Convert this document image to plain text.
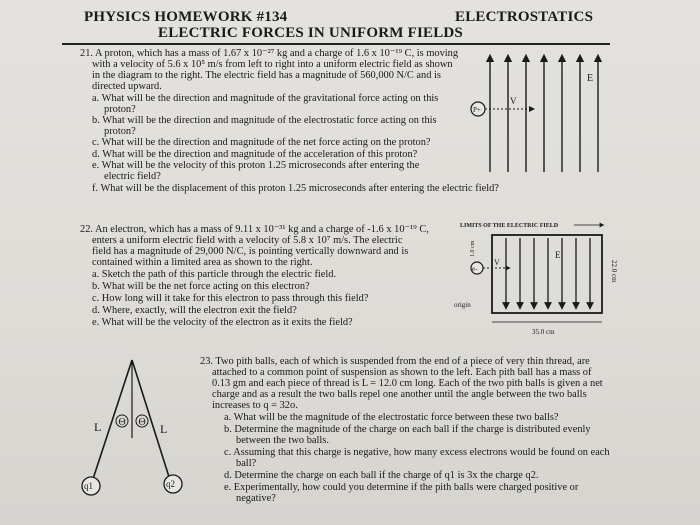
PHYSICS HOMEWORK #134	ELECTROSTATICS
ELECTRIC FORCES IN UNIFORM FIELDS
21. A proton, which has a mass of 1.67 x 10⁻²⁷ kg and a charge of 1.6 x 10⁻¹⁹ C, is moving
with a velocity of 5.6 x 10⁵ m/s from left to right into a uniform electric field as shown
in the diagram to the right. The electric field has a magnitude of 560,000 N/C and is
directed upward.
a. What will be the direction and magnitude of the gravitational force acting on this
proton?
b. What will be the direction and magnitude of the electrostatic force acting on this
proton?
c. What will be the direction and magnitude of the net force acting on the proton?
d. What will be the direction and magnitude of the acceleration of this proton?
e. What will be the velocity of this proton 1.25 microseconds after entering the
electric field?
f. What will be the displacement of this proton 1.25 microseconds after entering the electric field?
E
P+
V
22. An electron, which has a mass of 9.11 x 10⁻³¹ kg and a charge of -1.6 x 10⁻¹⁹ C,
enters a uniform electric field with a velocity of 5.8 x 10⁷ m/s. The electric
field has a magnitude of 29,000 N/C, is pointing vertically downward and is
contained within a limited area as shown to the right.
a. Sketch the path of this particle through the electric field.
b. What will be the net force acting on this electron?
c. How long will it take for this electron to pass through this field?
d. Where, exactly, will the electron exit the field?
e. What will be the velocity of the electron as it exits the field?
LIMITS OF THE ELECTRIC FIELD
E
e-
V
origin
1.0 cm
22.0 cm
35.0 cm
23. Two pith balls, each of which is suspended from the end of a piece of very thin thread, are
attached to a common point of suspension as shown to the left. Each pith ball has a mass of
0.13 gm and each piece of thread is L = 12.0 cm long. Each of the two pith balls is given a net
charge and as a result the two balls repel one another until the angle between the two balls
increases to q = 32o.
a. What will be the magnitude of the electrostatic force between these two balls?
b. Determine the magnitude of the charge on each ball if the charge is distributed evenly
between the two balls.
c. Assuming that this charge is negative, how many excess electrons would be found on each
ball?
d. Determine the charge on each ball if the charge of q1 is 3x the charge q2.
e. Experimentally, how could you determine if the pith balls were charged positive or
negative?
Θ Θ
L	L
q1	q2
